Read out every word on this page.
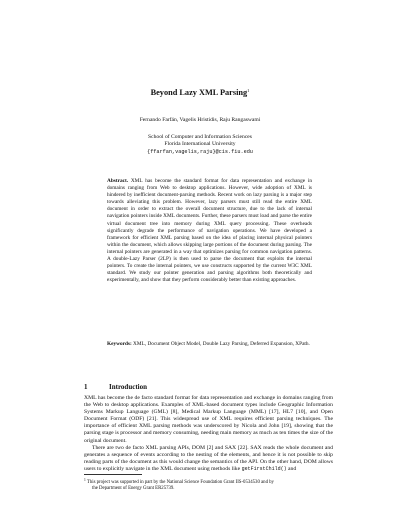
Beyond Lazy XML Parsing$^1$
Fernando Farfán, Vagelis Hristidis, Raju Rangaswami
School of Computer and Information Sciences
Florida International University
{ffarfan,vagelis,raju}@cis.fiu.edu
Abstract. XML has become the standard format for data representation and exchange in domains ranging from Web to desktop applications. However, wide adoption of XML is hindered by inefficient document-parsing methods. Recent work on lazy parsing is a major step towards alleviating this problem. However, lazy parsers must still read the entire XML document in order to extract the overall document structure, due to the lack of internal navigation pointers inside XML documents. Further, these parsers must load and parse the entire virtual document tree into memory during XML query processing. These overheads significantly degrade the performance of navigation operations. We have developed a framework for efficient XML parsing based on the idea of placing internal physical pointers within the document, which allows skipping large portions of the document during parsing. The internal pointers are generated in a way that optimizes parsing for common navigation patterns. A double-Lazy Parser (2LP) is then used to parse the document that exploits the internal pointers. To create the internal pointers, we use constructs supported by the current W3C XML standard. We study our pointer generation and parsing algorithms both theoretically and experimentally, and show that they perform considerably better than existing approaches.
Keywords: XML, Document Object Model, Double Lazy Parsing, Deferred Expansion, XPath.
1	Introduction

XML has become the de facto standard format for data representation and exchange in domains ranging from the Web to desktop applications. Examples of XML-based document types include Geographic Information Systems Markup Language (GML) [8], Medical Markup Language (MML) [17], HL7 [10], and Open Document Format (ODF) [21]. This widespread use of XML requires efficient parsing techniques. The importance of efficient XML parsing methods was underscored by Nicola and John [19], showing that the parsing stage is processor and memory consuming, needing main memory as much as ten times the size of the original document.

There are two de facto XML parsing APIs, DOM [2] and SAX [22]. SAX reads the whole document and generates a sequence of events according to the nesting of the elements, and hence it is not possible to skip reading parts of the document as this would change the semantics of the API. On the other hand, DOM allows users to explicitly navigate in the XML document using methods like getFirstChild() and

$^1$ This project was supported in part by the National Science Foundation Grant IIS-0534530 and by
the Department of Energy Grant ER25739.
